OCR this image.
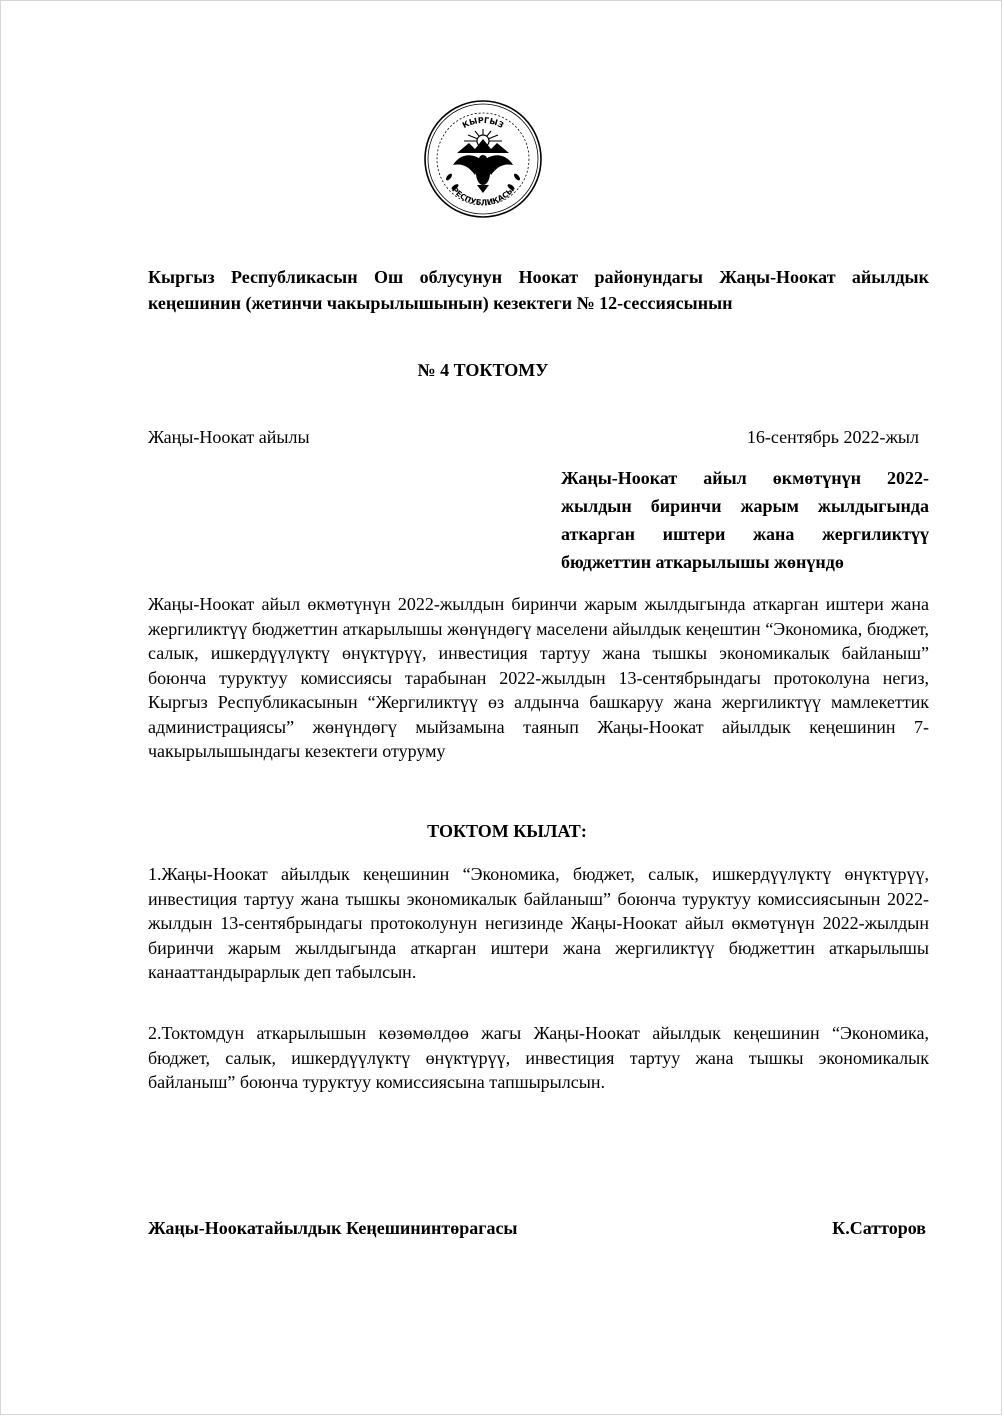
КЫРГЫЗ
РЕСПУБЛИКАСЫ
Кыргыз Республикасын Ош облусунун Ноокат районундагы Жаңы-Ноокат айылдык кеңешинин (жетинчи чакырылышынын) кезектеги № 12-сессиясынын
№ 4 ТОКТОМУ
Жаңы-Ноокат айылы	16-сентябрь 2022-жыл
Жаңы-Ноокат айыл өкмөтүнүн 2022-жылдын биринчи жарым жылдыгында аткарган иштери жана жергиликтүү бюджеттин аткарылышы жөнүндө

Жаңы-Ноокат айыл өкмөтүнүн 2022-жылдын биринчи жарым жылдыгында аткарган иштери жана жергиликтүү бюджеттин аткарылышы жөнүндөгү маселени айылдык кеңештин “Экономика, бюджет, салык, ишкердүүлүктү өнүктүрүү, инвестиция тартуу жана тышкы экономикалык байланыш” боюнча туруктуу комиссиясы тарабынан 2022-жылдын 13-сентябрындагы протоколуна негиз, Кыргыз Республикасынын “Жергиликтүү өз алдынча башкаруу жана жергиликтүү мамлекеттик администрациясы” жөнүндөгү мыйзамына таянып Жаңы-Ноокат айылдык кеңешинин 7-чакырылышындагы кезектеги отуруму

ТОКТОМ КЫЛАТ:

1.Жаңы-Ноокат айылдык кеңешинин “Экономика, бюджет, салык, ишкердүүлүктү өнүктүрүү, инвестиция тартуу жана тышкы экономикалык байланыш” боюнча туруктуу комиссиясынын 2022-жылдын 13-сентябрындагы протоколунун негизинде Жаңы-Ноокат айыл өкмөтүнүн 2022-жылдын биринчи жарым жылдыгында аткарган иштери жана жергиликтүү бюджеттин аткарылышы канааттандырарлык деп табылсын.

2.Токтомдун аткарылышын көзөмөлдөө жагы Жаңы-Ноокат айылдык кеңешинин “Экономика, бюджет, салык, ишкердүүлүктү өнүктүрүү, инвестиция тартуу жана тышкы экономикалык байланыш” боюнча туруктуу комиссиясына тапшырылсын.

Жаңы-Ноокатайылдык Кеңешининтөрагасы	К.Сатторов
